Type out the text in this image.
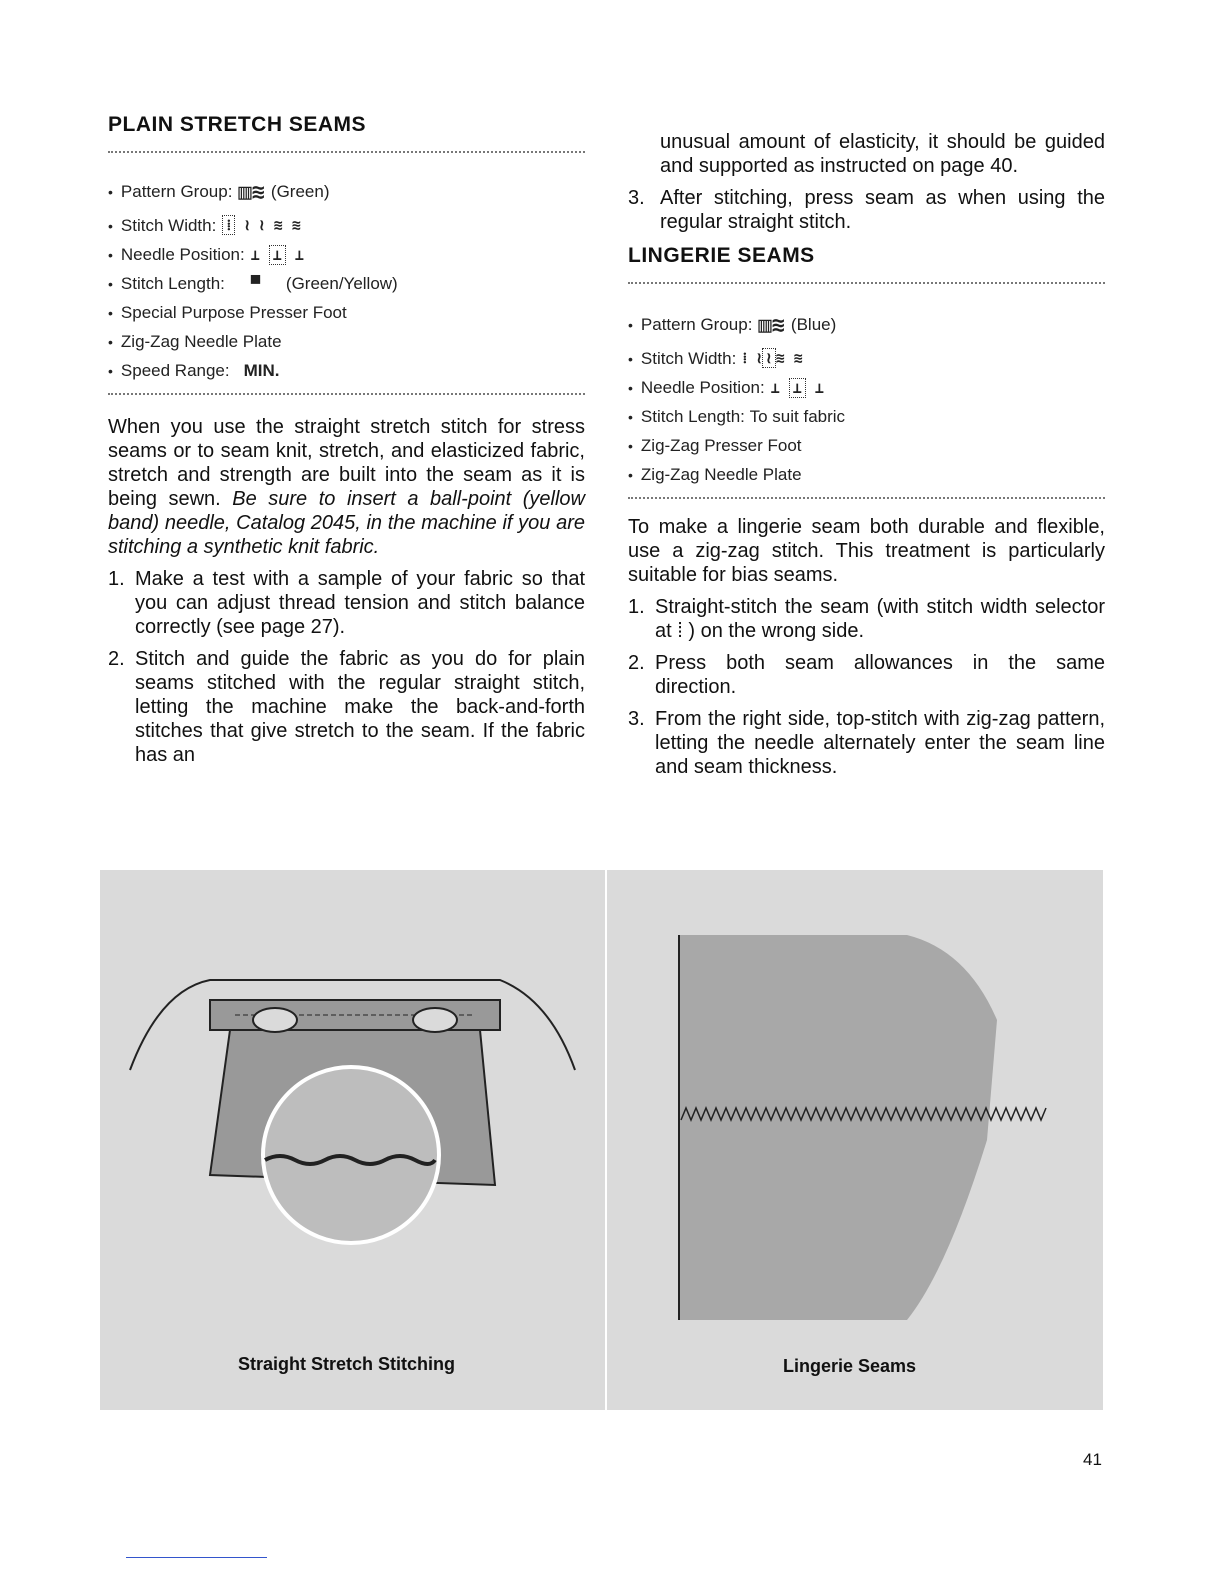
PLAIN STRETCH SEAMS
• Pattern Group: ▥≋ (Green)
• Stitch Width: ⁞ ≀ ≀ ≋ ≋
• Needle Position: ⊥ ⊥ ⊥
• Stitch Length: ▀ (Green/Yellow)
• Special Purpose Presser Foot
• Zig-Zag Needle Plate
• Speed Range: MIN.

When you use the straight stretch stitch for stress seams or to seam knit, stretch, and elasticized fabric, stretch and strength are built into the seam as it is being sewn. Be sure to insert a ball-point (yellow band) needle, Catalog 2045, in the machine if you are stitching a synthetic knit fabric.

1. Make a test with a sample of your fabric so that you can adjust thread tension and stitch balance correctly (see page 27).
2. Stitch and guide the fabric as you do for plain seams stitched with the regular straight stitch, letting the machine make the back-and-forth stitches that give stretch to the seam. If the fabric has an

unusual amount of elasticity, it should be guided and supported as instructed on page 40.

3. After stitching, press seam as when using the regular straight stitch.
LINGERIE SEAMS
• Pattern Group: ▥≋ (Blue)
• Stitch Width: ⁞ ≀ ≀ ≋ ≋
• Needle Position: ⊥ ⊥ ⊥
• Stitch Length:
To suit fabric
• Zig-Zag Presser Foot
• Zig-Zag Needle Plate

To make a lingerie seam both durable and flexible, use a zig-zag stitch. This treatment is particularly suitable for bias seams.

1. Straight-stitch the seam (with stitch width selector at ⁞ ) on the wrong side.
2. Press both seam allowances in the same direction.
3. From the right side, top-stitch with zig-zag pattern, letting the needle alternately enter the seam line and seam thickness.
Straight Stretch Stitching	Lingerie Seams
41
